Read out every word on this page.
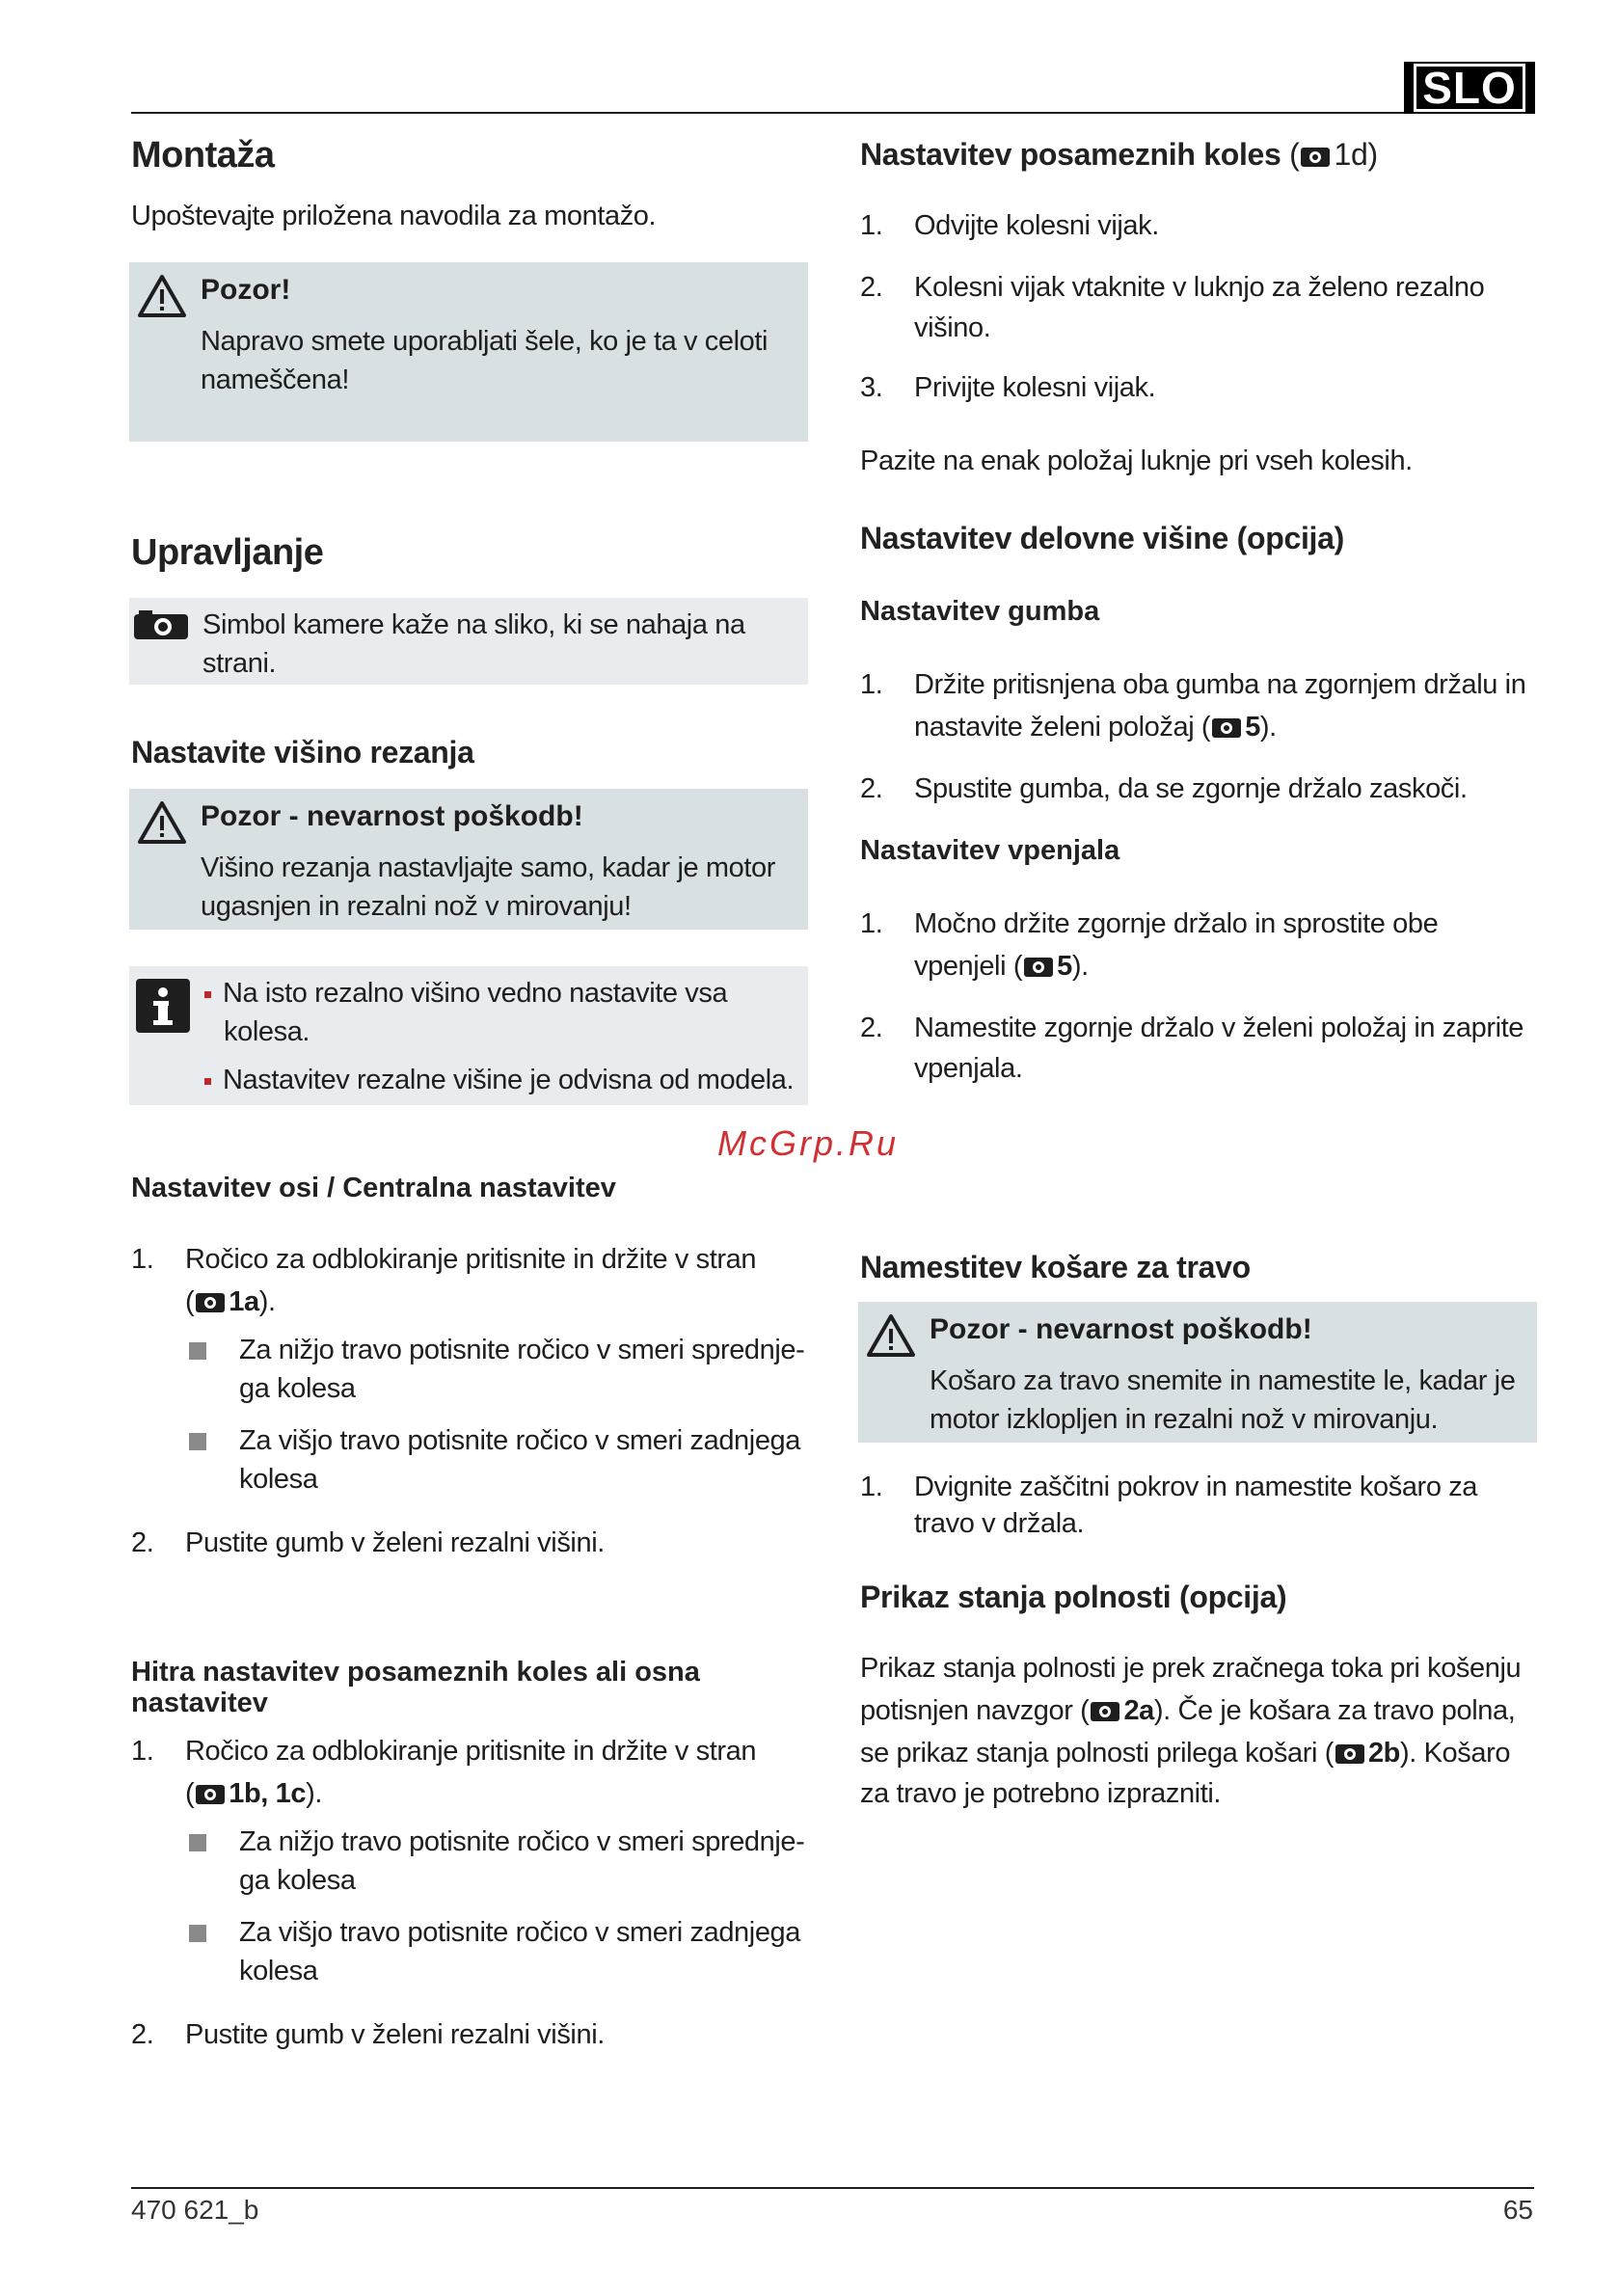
SLO
Montaža

Upoštevajte priložena navodila za montažo.

Pozor!
Napravo smete uporabljati šele, ko je ta v celoti
nameščena!
Upravljanje
Simbol kamere kaže na sliko, ki se nahaja na
strani.
Nastavite višino rezanja
Pozor - nevarnost poškodb!
Višino rezanja nastavljajte samo, kadar je motor
ugasnjen in rezalni nož v mirovanju!
Na isto rezalno višino vedno nastavite vsa
kolesa.
Nastavitev rezalne višine je odvisna od modela.
McGrp.Ru
Nastavitev osi / Centralna nastavitev
1. Ročico za odblokiranje pritisnite in držite v stran
( 1a).
Za nižjo travo potisnite ročico v smeri sprednje-
ga kolesa
Za višjo travo potisnite ročico v smeri zadnjega
kolesa
2. Pustite gumb v želeni rezalni višini.
Hitra nastavitev posameznih koles ali osna
nastavitev
1. Ročico za odblokiranje pritisnite in držite v stran
( 1b, 1c).
Za nižjo travo potisnite ročico v smeri sprednje-
ga kolesa
Za višjo travo potisnite ročico v smeri zadnjega
kolesa
2. Pustite gumb v želeni rezalni višini.
Nastavitev posameznih koles ( 1d)
1. Odvijte kolesni vijak.
2. Kolesni vijak vtaknite v luknjo za želeno rezalno
višino.
3. Privijte kolesni vijak.
Pazite na enak položaj luknje pri vseh kolesih.
Nastavitev delovne višine (opcija)
Nastavitev gumba
1. Držite pritisnjena oba gumba na zgornjem držalu in
nastavite želeni položaj ( 5).
2. Spustite gumba, da se zgornje držalo zaskoči.
Nastavitev vpenjala
1. Močno držite zgornje držalo in sprostite obe
vpenjeli ( 5).
2. Namestite zgornje držalo v želeni položaj in zaprite
vpenjala.
Namestitev košare za travo
Pozor - nevarnost poškodb!
Košaro za travo snemite in namestite le, kadar je
motor izklopljen in rezalni nož v mirovanju.
1. Dvignite zaščitni pokrov in namestite košaro za
travo v držala.
Prikaz stanja polnosti (opcija)
Prikaz stanja polnosti je prek zračnega toka pri košenju
potisnjen navzgor ( 2a). Če je košara za travo polna,
se prikaz stanja polnosti prilega košari ( 2b). Košaro
za travo je potrebno izprazniti.
470 621_b	65
